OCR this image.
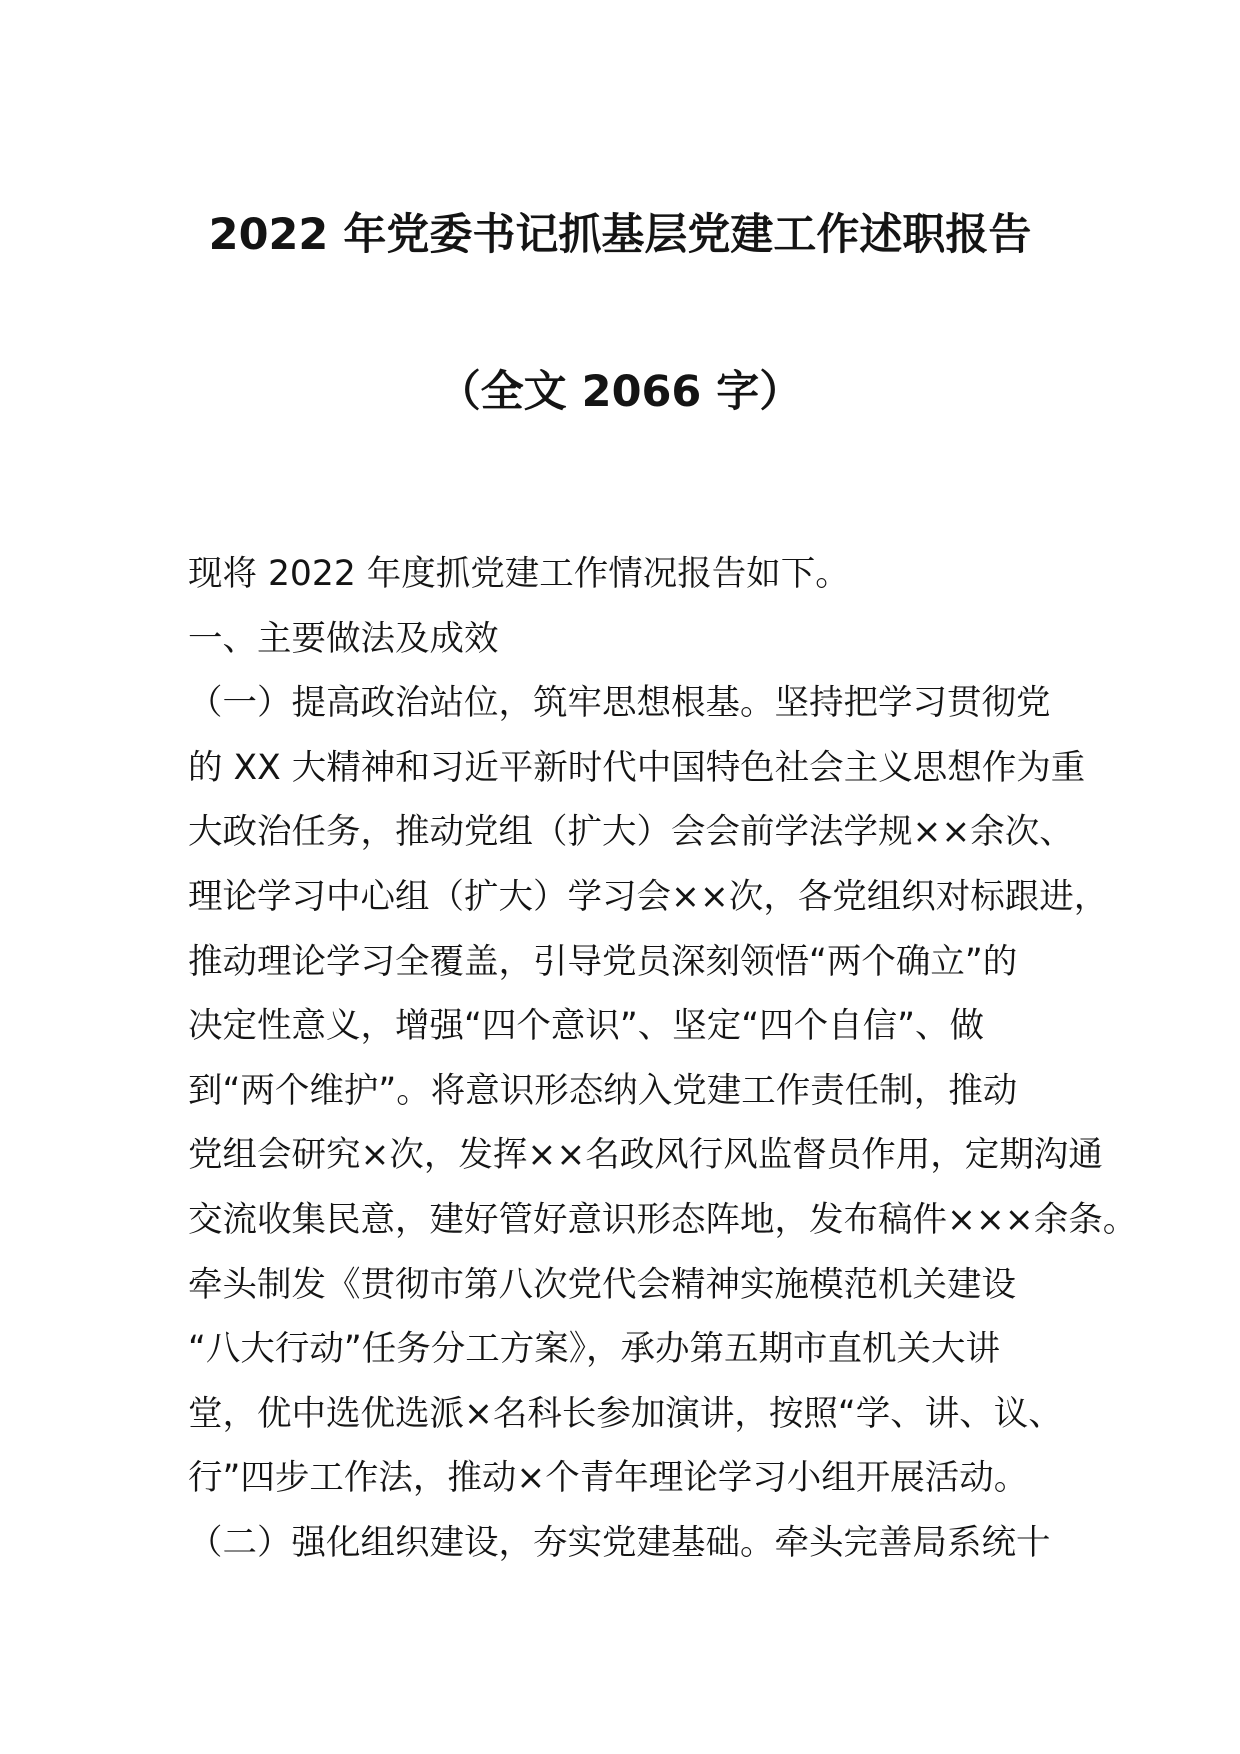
2022 年党委书记抓基层党建工作述职报告
（全文 2066 字）
现将 2022 年度抓党建工作情况报告如下。
一、主要做法及成效
（一）提高政治站位，筑牢思想根基。坚持把学习贯彻党
的 XX 大精神和习近平新时代中国特色社会主义思想作为重
大政治任务，推动党组（扩大）会会前学法学规××余次、
理论学习中心组（扩大）学习会××次，各党组织对标跟进，
推动理论学习全覆盖，引导党员深刻领悟“两个确立”的
决定性意义，增强“四个意识”、坚定“四个自信”、做
到“两个维护”。将意识形态纳入党建工作责任制，推动
党组会研究×次，发挥××名政风行风监督员作用，定期沟通
交流收集民意，建好管好意识形态阵地，发布稿件×××余条。
牵头制发《贯彻市第八次党代会精神实施模范机关建设
“八大行动”任务分工方案》，承办第五期市直机关大讲
堂，优中选优选派×名科长参加演讲，按照“学、讲、议、
行”四步工作法，推动×个青年理论学习小组开展活动。
（二）强化组织建设，夯实党建基础。牵头完善局系统十
